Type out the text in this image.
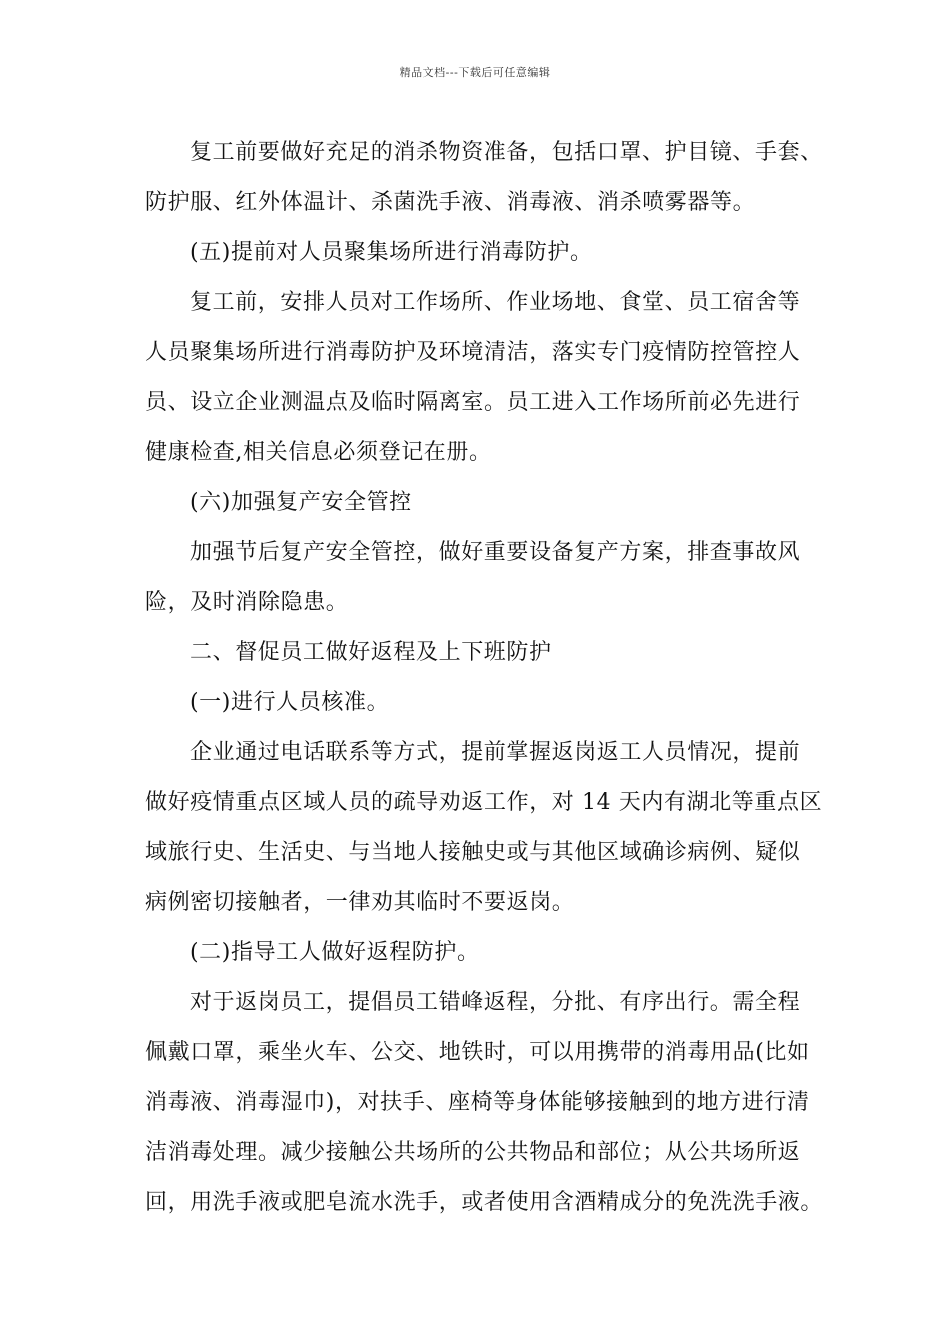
精品文档---下载后可任意编辑
复工前要做好充足的消杀物资准备，包括口罩、护目镜、手套、
防护服、红外体温计、杀菌洗手液、消毒液、消杀喷雾器等。
(五)提前对人员聚集场所进行消毒防护。
复工前，安排人员对工作场所、作业场地、食堂、员工宿舍等
人员聚集场所进行消毒防护及环境清洁，落实专门疫情防控管控人
员、设立企业测温点及临时隔离室。员工进入工作场所前必先进行
健康检查,相关信息必须登记在册。
(六)加强复产安全管控
加强节后复产安全管控，做好重要设备复产方案，排查事故风
险，及时消除隐患。
二、督促员工做好返程及上下班防护
(一)进行人员核准。
企业通过电话联系等方式，提前掌握返岗返工人员情况，提前
做好疫情重点区域人员的疏导劝返工作，对 14 天内有湖北等重点区
域旅行史、生活史、与当地人接触史或与其他区域确诊病例、疑似
病例密切接触者，一律劝其临时不要返岗。
(二)指导工人做好返程防护。
对于返岗员工，提倡员工错峰返程，分批、有序出行。需全程
佩戴口罩，乘坐火车、公交、地铁时，可以用携带的消毒用品(比如
消毒液、消毒湿巾)，对扶手、座椅等身体能够接触到的地方进行清
洁消毒处理。减少接触公共场所的公共物品和部位；从公共场所返
回，用洗手液或肥皂流水洗手，或者使用含酒精成分的免洗洗手液。
